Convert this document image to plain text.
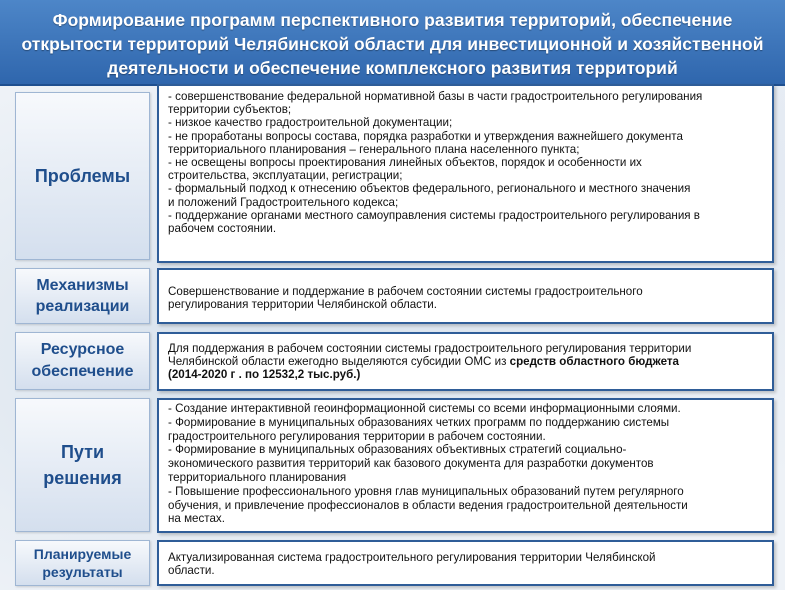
Формирование программ перспективного развития территорий, обеспечение
открытости территорий Челябинской области для инвестиционной и хозяйственной
деятельности и обеспечение комплексного развития территорий
Проблемы
- совершенствование федеральной нормативной базы в части градостроительного регулирования
территории субъектов;
- низкое качество градостроительной документации;
- не проработаны вопросы состава, порядка разработки и утверждения важнейшего документа
территориального планирования – генерального плана населенного пункта;
- не освещены вопросы проектирования линейных объектов, порядок и особенности их
строительства, эксплуатации, регистрации;
- формальный подход к отнесению объектов федерального, регионального и местного значения
и положений Градостроительного кодекса;
- поддержание органами местного самоуправления системы градостроительного регулирования в
рабочем состоянии.
Механизмы
реализации
Совершенствование и поддержание в рабочем состоянии системы градостроительного
регулирования территории Челябинской области.
Ресурсное
обеспечение
Для поддержания в рабочем состоянии системы градостроительного регулирования территории
Челябинской области ежегодно выделяются субсидии ОМС из средств областного бюджета
(2014-2020 г . по 12532,2 тыс.руб.)
Пути
решения
- Создание интерактивной геоинформационной системы со всеми информационными слоями.
- Формирование в муниципальных образованиях четких программ по поддержанию системы
градостроительного регулирования территории в рабочем состоянии.
- Формирование в муниципальных образованиях объективных стратегий социально-
экономического развития территорий как базового документа для разработки документов
территориального планирования
- Повышение профессионального уровня глав муниципальных образований путем регулярного
обучения, и привлечение профессионалов в области ведения градостроительной деятельности
на местах.
Планируемые
результаты
Актуализированная система градостроительного регулирования территории Челябинской
области.
